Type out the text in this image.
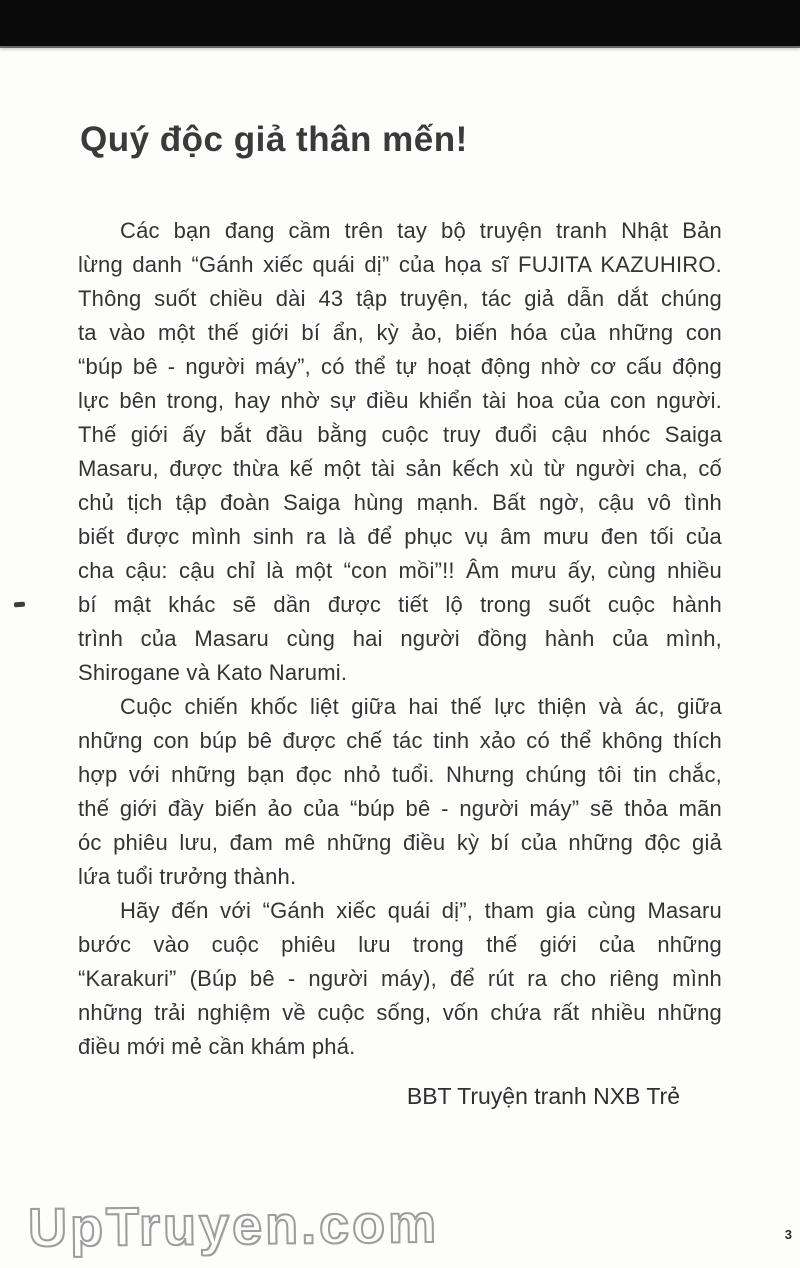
Quý độc giả thân mến!
Các bạn đang cầm trên tay bộ truyện tranh Nhật Bản
lừng danh “Gánh xiếc quái dị” của họa sĩ FUJITA KAZUHIRO.
Thông suốt chiều dài 43 tập truyện, tác giả dẫn dắt chúng
ta vào một thế giới bí ẩn, kỳ ảo, biến hóa của những con
“búp bê - người máy”, có thể tự hoạt động nhờ cơ cấu động
lực bên trong, hay nhờ sự điều khiển tài hoa của con người.
Thế giới ấy bắt đầu bằng cuộc truy đuổi cậu nhóc Saiga
Masaru, được thừa kế một tài sản kếch xù từ người cha, cố
chủ tịch tập đoàn Saiga hùng mạnh. Bất ngờ, cậu vô tình
biết được mình sinh ra là để phục vụ âm mưu đen tối của
cha cậu: cậu chỉ là một “con mồi”!! Âm mưu ấy, cùng nhiều
bí mật khác sẽ dần được tiết lộ trong suốt cuộc hành
trình của Masaru cùng hai người đồng hành của mình,
Shirogane và Kato Narumi.
Cuộc chiến khốc liệt giữa hai thế lực thiện và ác, giữa
những con búp bê được chế tác tinh xảo có thể không thích
hợp với những bạn đọc nhỏ tuổi. Nhưng chúng tôi tin chắc,
thế giới đầy biến ảo của “búp bê - người máy” sẽ thỏa mãn
óc phiêu lưu, đam mê những điều kỳ bí của những độc giả
lứa tuổi trưởng thành.
Hãy đến với “Gánh xiếc quái dị”, tham gia cùng Masaru
bước vào cuộc phiêu lưu trong thế giới của những
“Karakuri” (Búp bê - người máy), để rút ra cho riêng mình
những trải nghiệm về cuộc sống, vốn chứa rất nhiều những
điều mới mẻ cần khám phá.
BBT Truyện tranh NXB Trẻ
UpTruyen.com	3
